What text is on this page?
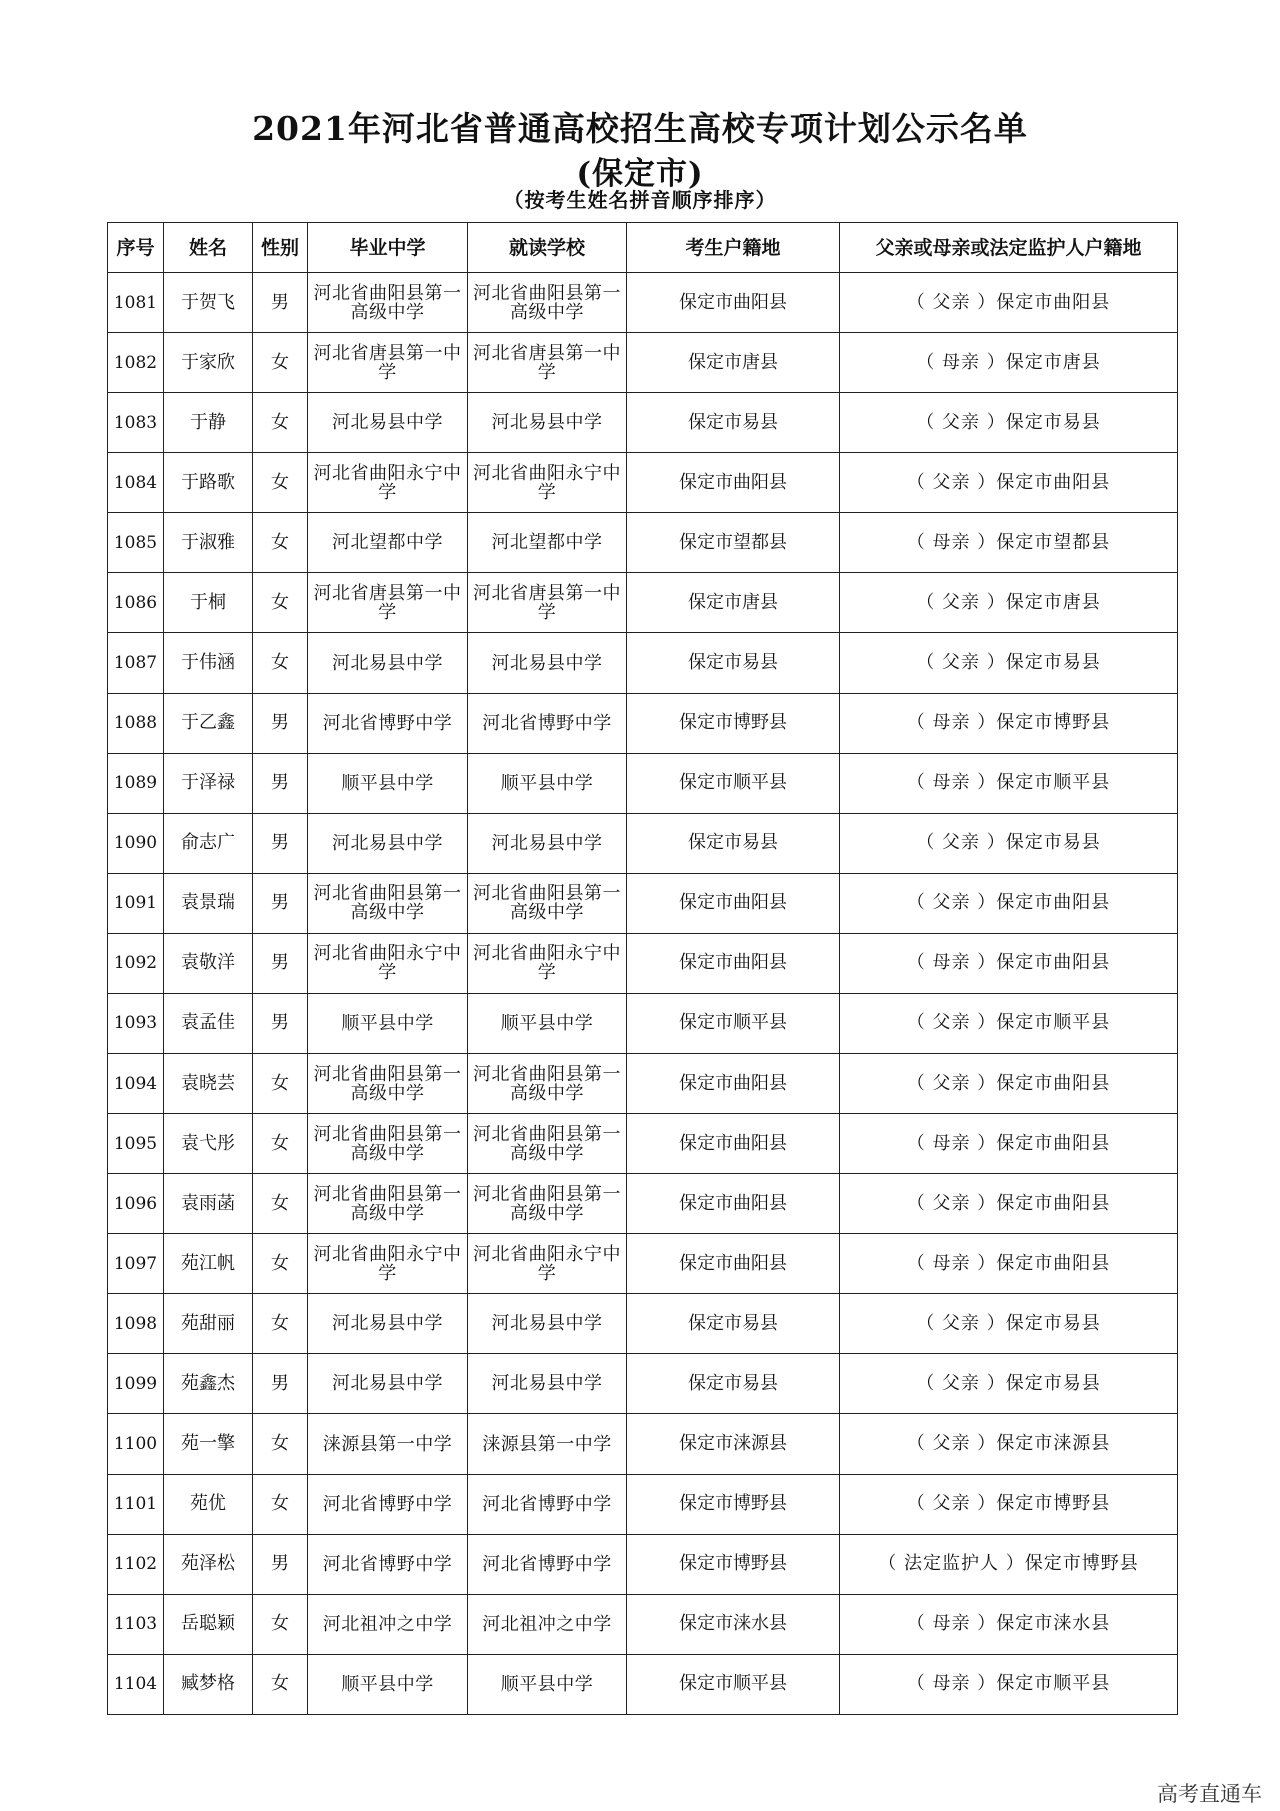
2021年河北省普通高校招生高校专项计划公示名单
(保定市)
（按考生姓名拼音顺序排序）
序号	姓名	性别	毕业中学	就读学校	考生户籍地	父亲或母亲或法定监护人户籍地
1081	于贺飞	男	河北省曲阳县第一高级中学	河北省曲阳县第一高级中学	保定市曲阳县	（ 父亲 ）保定市曲阳县
1082	于家欣	女	河北省唐县第一中学	河北省唐县第一中学	保定市唐县	（ 母亲 ）保定市唐县
1083	于静	女	河北易县中学	河北易县中学	保定市易县	（ 父亲 ）保定市易县
1084	于路歌	女	河北省曲阳永宁中学	河北省曲阳永宁中学	保定市曲阳县	（ 父亲 ）保定市曲阳县
1085	于淑雅	女	河北望都中学	河北望都中学	保定市望都县	（ 母亲 ）保定市望都县
1086	于桐	女	河北省唐县第一中学	河北省唐县第一中学	保定市唐县	（ 父亲 ）保定市唐县
1087	于伟涵	女	河北易县中学	河北易县中学	保定市易县	（ 父亲 ）保定市易县
1088	于乙鑫	男	河北省博野中学	河北省博野中学	保定市博野县	（ 母亲 ）保定市博野县
1089	于泽禄	男	顺平县中学	顺平县中学	保定市顺平县	（ 母亲 ）保定市顺平县
1090	俞志广	男	河北易县中学	河北易县中学	保定市易县	（ 父亲 ）保定市易县
1091	袁景瑞	男	河北省曲阳县第一高级中学	河北省曲阳县第一高级中学	保定市曲阳县	（ 父亲 ）保定市曲阳县
1092	袁敬洋	男	河北省曲阳永宁中学	河北省曲阳永宁中学	保定市曲阳县	（ 母亲 ）保定市曲阳县
1093	袁孟佳	男	顺平县中学	顺平县中学	保定市顺平县	（ 父亲 ）保定市顺平县
1094	袁晓芸	女	河北省曲阳县第一高级中学	河北省曲阳县第一高级中学	保定市曲阳县	（ 父亲 ）保定市曲阳县
1095	袁弋彤	女	河北省曲阳县第一高级中学	河北省曲阳县第一高级中学	保定市曲阳县	（ 母亲 ）保定市曲阳县
1096	袁雨菡	女	河北省曲阳县第一高级中学	河北省曲阳县第一高级中学	保定市曲阳县	（ 父亲 ）保定市曲阳县
1097	苑江帆	女	河北省曲阳永宁中学	河北省曲阳永宁中学	保定市曲阳县	（ 母亲 ）保定市曲阳县
1098	苑甜丽	女	河北易县中学	河北易县中学	保定市易县	（ 父亲 ）保定市易县
1099	苑鑫杰	男	河北易县中学	河北易县中学	保定市易县	（ 父亲 ）保定市易县
1100	苑一擎	女	涞源县第一中学	涞源县第一中学	保定市涞源县	（ 父亲 ）保定市涞源县
1101	苑优	女	河北省博野中学	河北省博野中学	保定市博野县	（ 父亲 ）保定市博野县
1102	苑泽松	男	河北省博野中学	河北省博野中学	保定市博野县	（ 法定监护人 ）保定市博野县
1103	岳聪颖	女	河北祖冲之中学	河北祖冲之中学	保定市涞水县	（ 母亲 ）保定市涞水县
1104	臧梦格	女	顺平县中学	顺平县中学	保定市顺平县	（ 母亲 ）保定市顺平县
高考直通车
